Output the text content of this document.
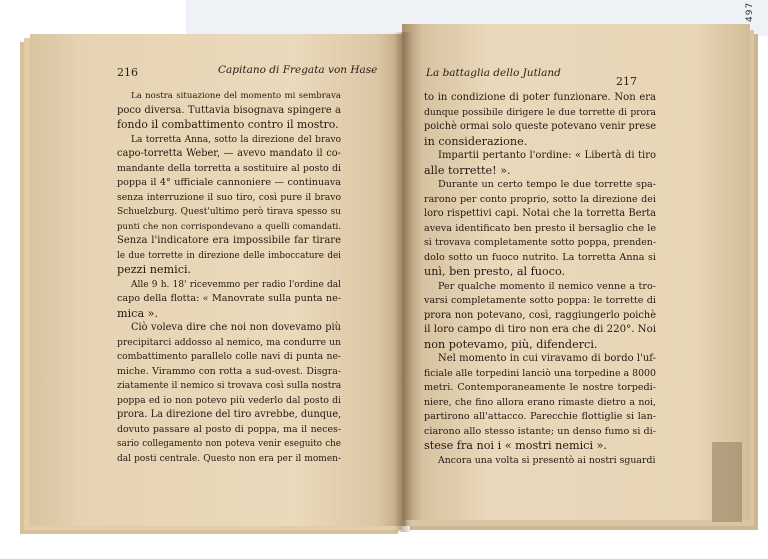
497
216	Capitano di Fregata von Hase	La battaglia dello Jutland
217
La nostra situazione del momento mi sembrava
poco diversa. Tuttavia bisognava spingere a
fondo il combattimento contro il mostro.
La torretta Anna, sotto la direzione del bravo
capo-torretta Weber, — avevo mandato il co-
mandante della torretta a sostituire al posto di
poppa il 4° ufficiale cannoniere — continuava
senza interruzione il suo tiro, così pure il bravo
Schuelzburg. Quest'ultimo però tirava spesso su
punti che non corrispondevano a quelli comandati.
Senza l'indicatore era impossibile far tirare
le due torrette in direzione delle imboccature dei
pezzi nemici.
Alle 9 h. 18' ricevemmo per radio l'ordine dal
capo della flotta: « Manovrate sulla punta ne-
mica ».
Ciò voleva dire che noi non dovevamo più
precipitarci addosso al nemico, ma condurre un
combattimento parallelo colle navi di punta ne-
miche. Virammo con rotta a sud-ovest. Disgra-
ziatamente il nemico si trovava così sulla nostra
poppa ed io non potevo più vederlo dal posto di
prora. La direzione del tiro avrebbe, dunque,
dovuto passare al posto di poppa, ma il neces-
sario collegamento non poteva venir eseguito che
dal posti centrale. Questo non era per il momen-
to in condizione di poter funzionare. Non era
dunque possibile dirigere le due torrette di prora
poichè ormai solo queste potevano venir prese
in considerazione.
Impartii pertanto l'ordine: « Libertà di tiro
alle torrette! ».
Durante un certo tempo le due torrette spa-
rarono per conto proprio, sotto la direzione dei
loro rispettivi capi. Notai che la torretta Berta
aveva identificato ben presto il bersaglio che le
si trovava completamente sotto poppa, prenden-
dolo sotto un fuoco nutrito. La torretta Anna si
unì, ben presto, al fuoco.
Per qualche momento il nemico venne a tro-
varsi completamente sotto poppa: le torrette di
prora non potevano, così, raggiungerlo poichè
il loro campo di tiro non era che di 220°. Noi
non potevamo, più, difenderci.
Nel momento in cui viravamo di bordo l'uf-
ficiale alle torpedini lanciò una torpedine a 8000
metri. Contemporaneamente le nostre torpedi-
niere, che fino allora erano rimaste dietro a noi,
partirono all'attacco. Parecchie flottiglie si lan-
ciarono allo stesso istante; un denso fumo si di-
stese fra noi i « mostri nemici ».
Ancora una volta si presentò ai nostri sguardi
